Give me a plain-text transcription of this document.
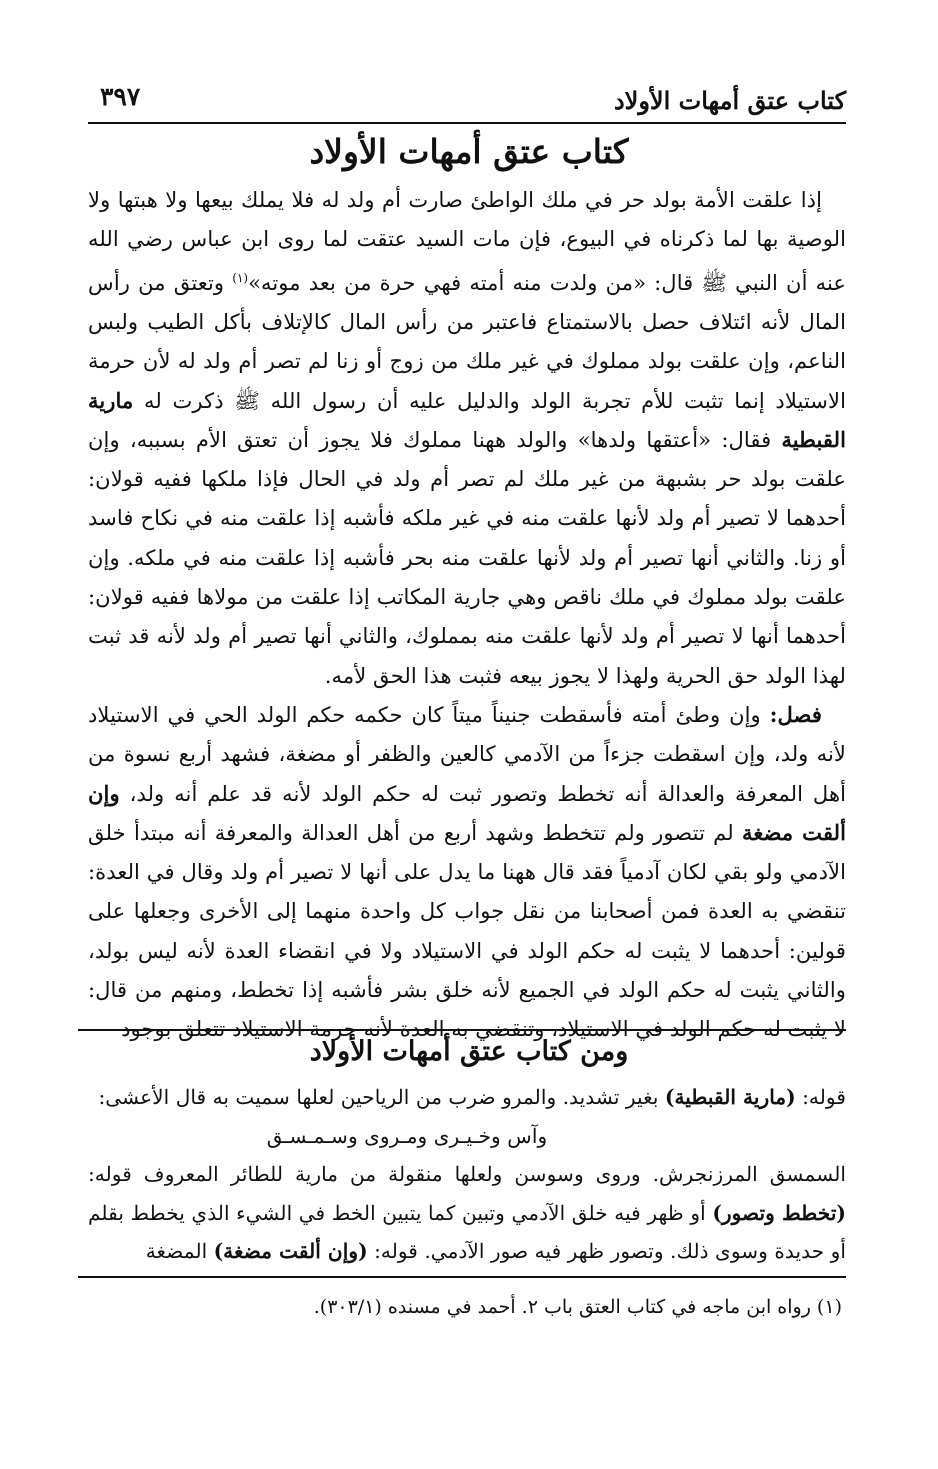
كتاب عتق أمهات الأولاد
٣٩٧
كتاب عتق أمهات الأولاد

إذا علقت الأمة بولد حر في ملك الواطئ صارت أم ولد له فلا يملك بيعها ولا هبتها ولا الوصية بها لما ذكرناه في البيوع، فإن مات السيد عتقت لما روى ابن عباس رضي الله عنه أن النبي ﷺ قال: «من ولدت منه أمته فهي حرة من بعد موته»$^{(١)}$ وتعتق من رأس المال لأنه ائتلاف حصل بالاستمتاع فاعتبر من رأس المال كالإتلاف بأكل الطيب ولبس الناعم، وإن علقت بولد مملوك في غير ملك من زوج أو زنا لم تصر أم ولد له لأن حرمة الاستيلاد إنما تثبت للأم تجربة الولد والدليل عليه أن رسول الله ﷺ ذكرت له مارية القبطية فقال: «أعتقها ولدها» والولد ههنا مملوك فلا يجوز أن تعتق الأم بسببه، وإن علقت بولد حر بشبهة من غير ملك لم تصر أم ولد في الحال فإذا ملكها ففيه قولان: أحدهما لا تصير أم ولد لأنها علقت منه في غير ملكه فأشبه إذا علقت منه في نكاح فاسد أو زنا. والثاني أنها تصير أم ولد لأنها علقت منه بحر فأشبه إذا علقت منه في ملكه. وإن علقت بولد مملوك في ملك ناقص وهي جارية المكاتب إذا علقت من مولاها ففيه قولان: أحدهما أنها لا تصير أم ولد لأنها علقت منه بمملوك، والثاني أنها تصير أم ولد لأنه قد ثبت لهذا الولد حق الحرية ولهذا لا يجوز بيعه فثبت هذا الحق لأمه.

فصل: وإن وطئ أمته فأسقطت جنيناً ميتاً كان حكمه حكم الولد الحي في الاستيلاد لأنه ولد، وإن اسقطت جزءاً من الآدمي كالعين والظفر أو مضغة، فشهد أربع نسوة من أهل المعرفة والعدالة أنه تخطط وتصور ثبت له حكم الولد لأنه قد علم أنه ولد، وإن ألقت مضغة لم تتصور ولم تتخطط وشهد أربع من أهل العدالة والمعرفة أنه مبتدأ خلق الآدمي ولو بقي لكان آدمياً فقد قال ههنا ما يدل على أنها لا تصير أم ولد وقال في العدة: تنقضي به العدة فمن أصحابنا من نقل جواب كل واحدة منهما إلى الأخرى وجعلها على قولين: أحدهما لا يثبت له حكم الولد في الاستيلاد ولا في انقضاء العدة لأنه ليس بولد، والثاني يثبت له حكم الولد في الجميع لأنه خلق بشر فأشبه إذا تخطط، ومنهم من قال: لا يثبت له حكم الولد في الاستيلاد، وتنقضي به العدة لأنه حرمة الاستيلاد تتعلق بوجود

ومن كتاب عتق أمهات الأولاد

قوله: (مارية القبطية) بغير تشديد. والمرو ضرب من الرياحين لعلها سميت به قال الأعشى:

وآس وخـيـرى ومـروى وسـمـسـق

السمسق المرزنجرش. وروى وسوسن ولعلها منقولة من مارية للطائر المعروف قوله: (تخطط وتصور) أو ظهر فيه خلق الآدمي وتبين كما يتبين الخط في الشيء الذي يخطط بقلم أو حديدة وسوى ذلك. وتصور ظهر فيه صور الآدمي. قوله: (وإن ألقت مضغة) المضغة

(١) رواه ابن ماجه في كتاب العتق باب ٢. أحمد في مسنده (٣٠٣/١).
